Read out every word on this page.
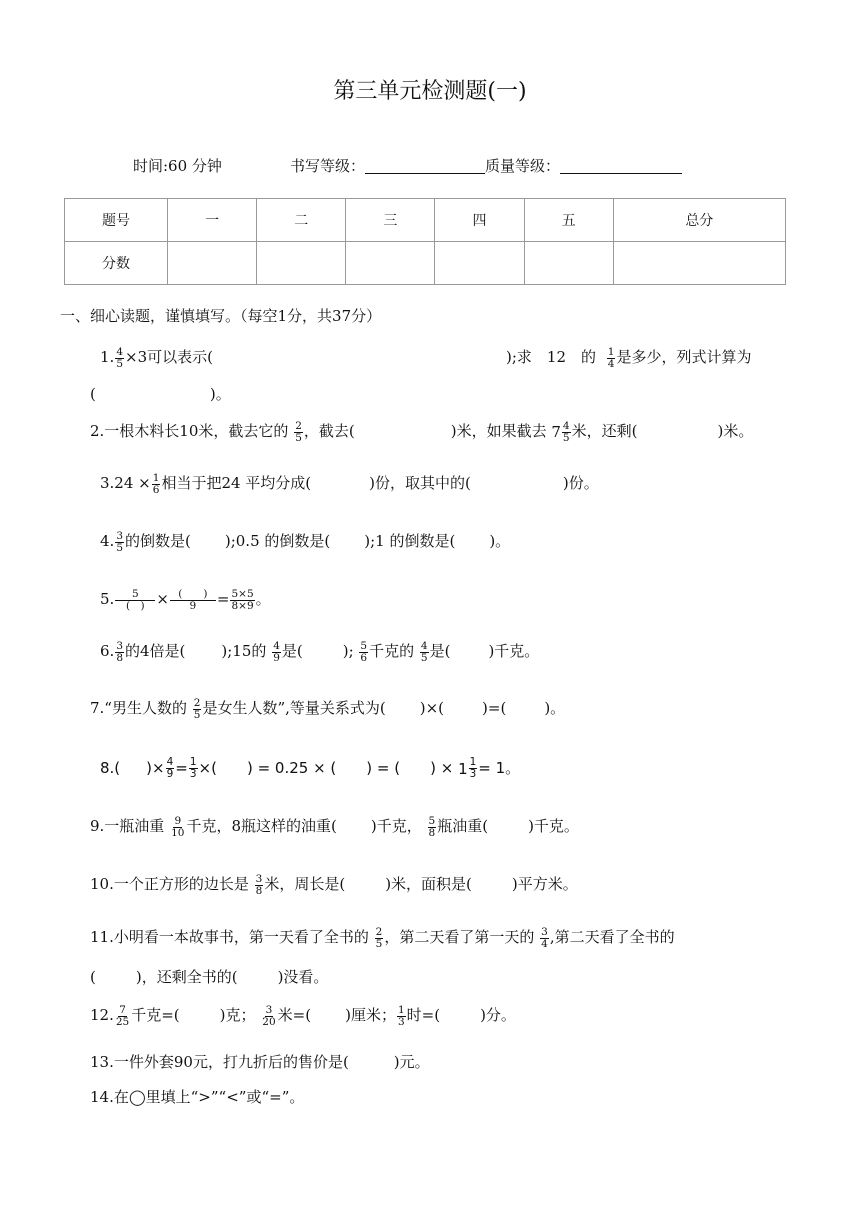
第三单元检测题(一)
时间:60 分钟	书写等级：	质量等级：
题号	一	二	三	四	五	总分
分数						
一、细心读题，谨慎填写。（每空1分，共37分）
1. $\frac{4}{5} \times 3$可以表示(	);求　12　的 $\frac{1}{4}$ 是多少，列式计算为
(	)。
2.一根木料长10米，截去它的 $\frac{2}{5}$ ，截去(	)米，如果截去 $7 \frac{4}{5}$ 米，还剩(	)米。
$3.24 \times \frac{1}{6}$ 相当于把24 平均分成(	)份，取其中的(	)份。
4. $\frac{3}{5}$ 的倒数是( );0.5 的倒数是( );1 的倒数是( )。
5. $\frac{5}{( )} \times \frac{( )}{9} = \frac{5\times 5}{8\times 9}$ 。
6. $\frac{3}{8}$ 的4倍是( );15的 $\frac{4}{9}$ 是(	); $\frac{5}{6}$ 千克的 $\frac{4}{5}$ 是(	)千克。
7.“男生人数的 $\frac{2}{5}$ 是女生人数”,等量关系式为( )×(	)=(	)。
8.( )× $\frac{4}{9} = \frac{1}{3}$ ×( ) = 0.25 × ( ) = ( ) × $1 \frac{1}{3} = 1$。
9.一瓶油重 $\frac{9}{10}$ 千克，8瓶这样的油重( )千克， $\frac{5}{8}$ 瓶油重(	)千克。
10.一个正方形的边长是 $\frac{3}{8}$ 米，周长是(	)米，面积是(	)平方米。
11.小明看一本故事书，第一天看了全书的 $\frac{2}{5}$ ，第二天看了第一天的 $\frac{3}{4}$ ,第二天看了全书的
(	)，还剩全书的(	)没看。
12. $\frac{7}{25}$ 千克=(	)克； $\frac{3}{20}$ 米=( )厘米； $\frac{1}{3}$ 时=(	)分。
13.一件外套90元，打九折后的售价是(　　　)元。
14.在◯里填上“>”“<”或“=”。
